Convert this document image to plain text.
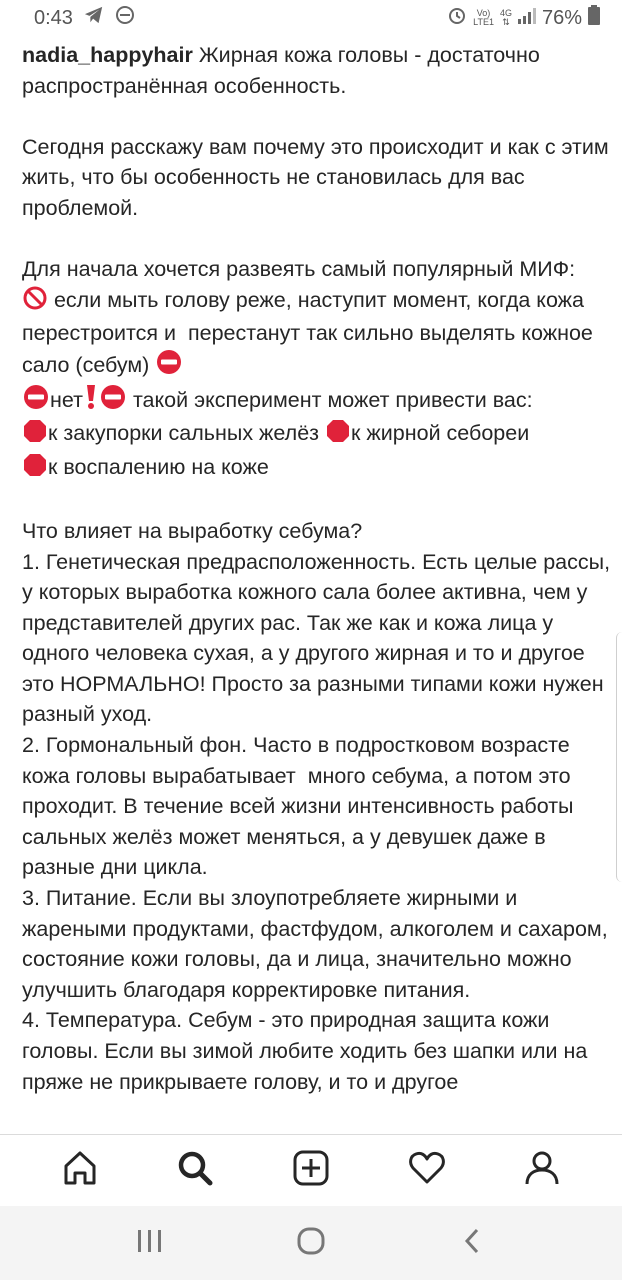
0:43	Vo)
LTE1
4G
⇅ 76%

nadia_happyhair Жирная кожа головы - достаточно распространённая особенность.

Сегодня расскажу вам почему это происходит и как с этим жить, что бы особенность не становилась для вас проблемой.

Для начала хочется развеять самый популярный МИФ:

если мыть голову реже, наступит момент, когда кожа перестроится и  перестанут так сильно выделять кожное  сало (себум)

нет такой эксперимент может привести вас:

к закупорки сальных желёз к жирной себореи

к воспалению на коже

Что влияет на выработку себума?

1. Генетическая предрасположенность. Есть целые рассы, у которых выработка кожного сала более активна, чем у представителей других рас. Так же как и кожа лица у одного человека сухая, а у другого жирная и то и другое это НОРМАЛЬНО! Просто за разными типами кожи нужен разный уход.

2. Гормональный фон. Часто в подростковом возрасте кожа головы вырабатывает  много себума, а потом это проходит. В течение всей жизни интенсивность работы сальных желёз может меняться, а у девушек даже в разные дни цикла.

3. Питание. Если вы злоупотребляете жирными и жареными продуктами, фастфудом, алкоголем и сахаром, состояние кожи головы, да и лица, значительно можно улучшить благодаря корректировке питания.

4. Температура. Себум - это природная защита кожи головы. Если вы зимой любите ходить без шапки или на пряже не прикрываете голову, и то и другое
